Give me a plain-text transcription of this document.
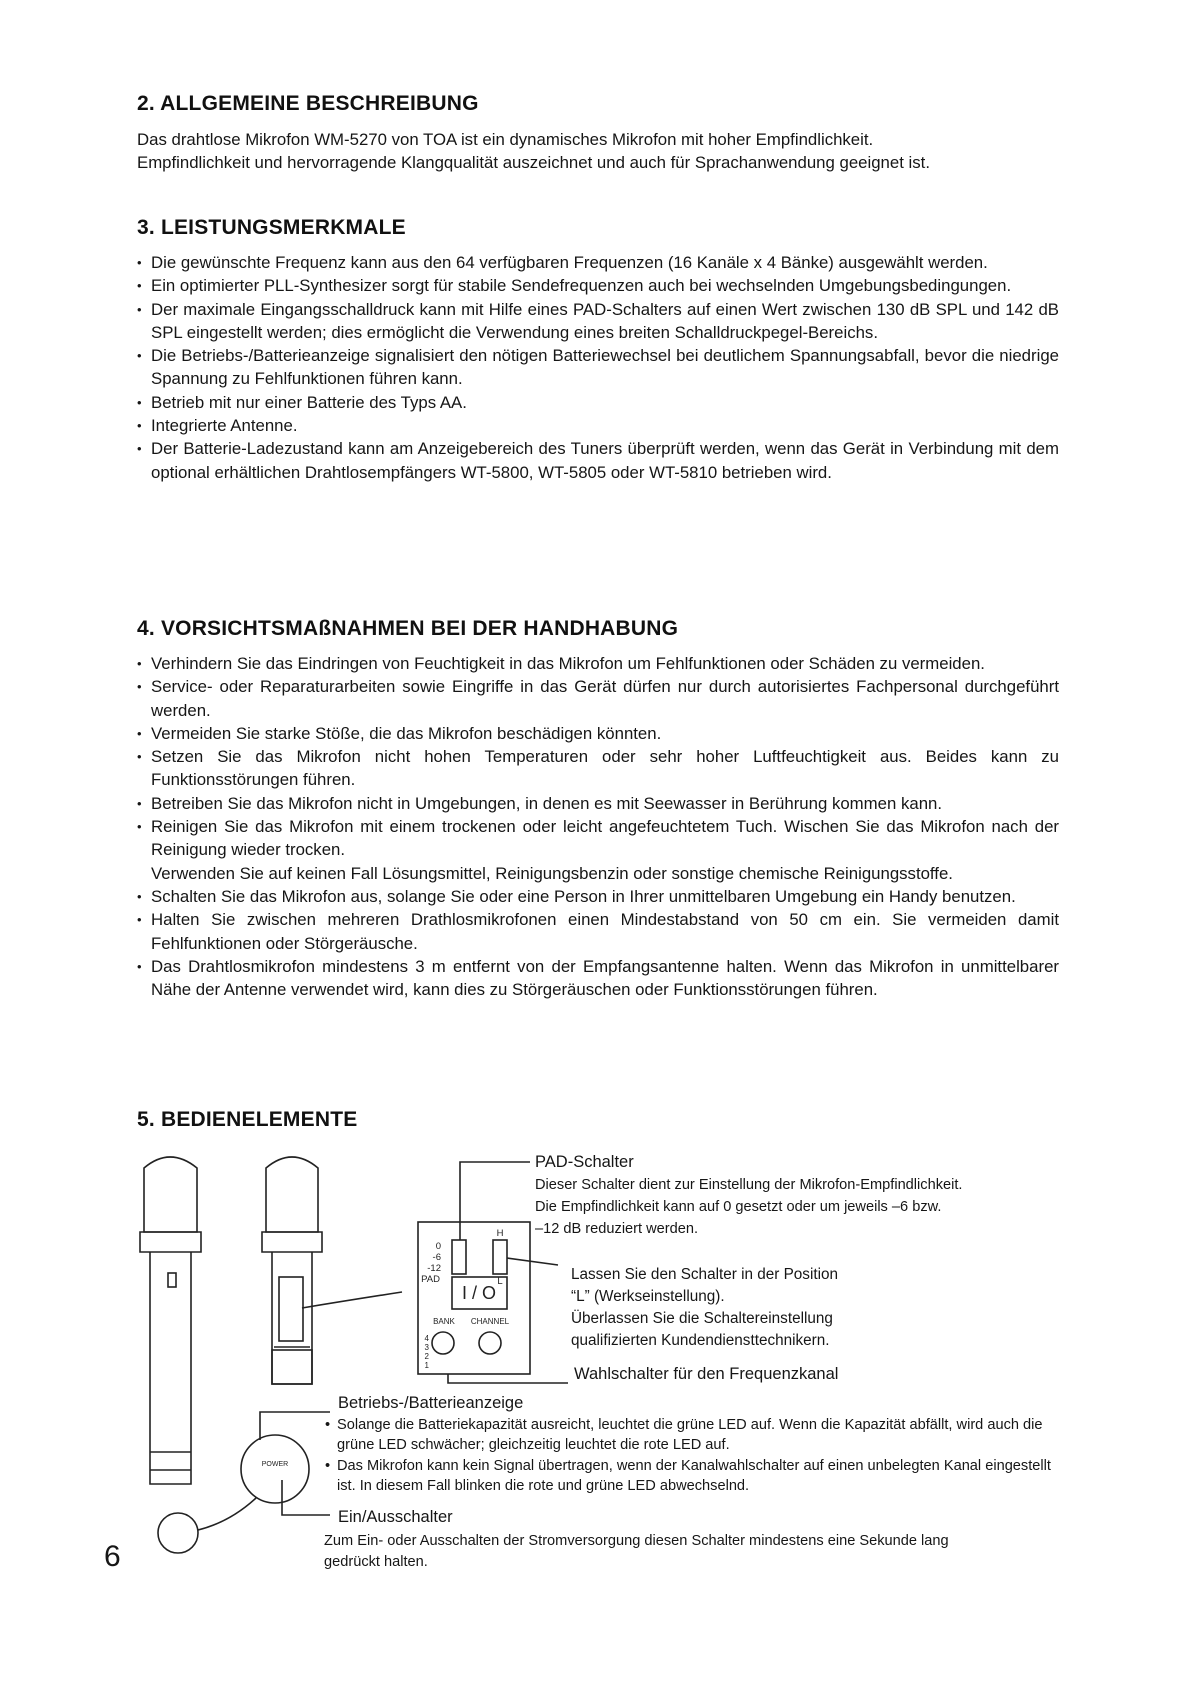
2. ALLGEMEINE BESCHREIBUNG

Das drahtlose Mikrofon WM-5270 von TOA ist ein dynamisches Mikrofon mit hoher Empfindlichkeit.

Empfindlichkeit und hervorragende Klangqualität auszeichnet und auch für Sprachanwendung geeignet ist.

3. LEISTUNGSMERKMALE
• Die gewünschte Frequenz kann aus den 64 verfügbaren Frequenzen (16 Kanäle x 4 Bänke) ausgewählt werden.
• Ein optimierter PLL-Synthesizer sorgt für stabile Sendefrequenzen auch bei wechselnden Umgebungsbedingungen.
• Der maximale Eingangsschalldruck kann mit Hilfe eines PAD-Schalters auf einen Wert zwischen 130 dB SPL und 142 dB SPL eingestellt werden; dies ermöglicht die Verwendung eines breiten Schalldruckpegel-Bereichs.
• Die Betriebs-/Batterieanzeige signalisiert den nötigen Batteriewechsel bei deutlichem Spannungsabfall, bevor die niedrige Spannung zu Fehlfunktionen führen kann.
• Betrieb mit nur einer Batterie des Typs AA.
• Integrierte Antenne.
• Der Batterie-Ladezustand kann am Anzeigebereich des Tuners überprüft werden, wenn das Gerät in Verbindung mit dem optional erhältlichen Drahtlosempfängers WT-5800, WT-5805 oder WT-5810 betrieben wird.
4. VORSICHTSMAßNAHMEN BEI DER HANDHABUNG
• Verhindern Sie das Eindringen von Feuchtigkeit in das Mikrofon um Fehlfunktionen oder Schäden zu vermeiden.
• Service- oder Reparaturarbeiten sowie Eingriffe in das Gerät dürfen nur durch autorisiertes Fachpersonal durchgeführt werden.
• Vermeiden Sie starke Stöße, die das Mikrofon beschädigen könnten.
• Setzen Sie das Mikrofon nicht hohen Temperaturen oder sehr hoher Luftfeuchtigkeit aus. Beides kann zu Funktionsstörungen führen.
• Betreiben Sie das Mikrofon nicht in Umgebungen, in denen es mit Seewasser in Berührung kommen kann.
• Reinigen Sie das Mikrofon mit einem trockenen oder leicht angefeuchtetem Tuch. Wischen Sie das Mikrofon nach der Reinigung wieder trocken.

Verwenden Sie auf keinen Fall Lösungsmittel, Reinigungsbenzin oder sonstige chemische Reinigungsstoffe.

• Schalten Sie das Mikrofon aus, solange Sie oder eine Person in Ihrer unmittelbaren Umgebung ein Handy benutzen.
• Halten Sie zwischen mehreren Drathlosmikrofonen einen Mindestabstand von 50 cm ein. Sie vermeiden damit Fehlfunktionen oder Störgeräusche.
• Das Drahtlosmikrofon mindestens 3 m entfernt von der Empfangsantenne halten. Wenn das Mikrofon in unmittelbarer Nähe der Antenne verwendet wird, kann dies zu Störgeräuschen oder Funktionsstörungen führen.
5. BEDIENELEMENTE
0
-6
-12
PAD
H
L
BANK CHANNEL
4
3
2
1
POWER
I / O

PAD-Schalter

Dieser Schalter dient zur Einstellung der Mikrofon-Empfindlichkeit.

Die Empfindlichkeit kann auf 0 gesetzt oder um jeweils –6 bzw.

–12 dB reduziert werden.

Lassen Sie den Schalter in der Position

“L” (Werkseinstellung).

Überlassen Sie die Schaltereinstellung

qualifizierten Kundendiensttechnikern.

Wahlschalter für den Frequenzkanal

Betriebs-/Batterieanzeige

• Solange die Batteriekapazität ausreicht, leuchtet die grüne LED auf. Wenn die Kapazität abfällt, wird auch die grüne LED schwächer; gleichzeitig leuchtet die rote LED auf.
• Das Mikrofon kann kein Signal übertragen, wenn der Kanalwahlschalter auf einen unbelegten Kanal eingestellt ist. In diesem Fall blinken die rote und grüne LED abwechselnd.

Ein/Ausschalter

Zum Ein- oder Ausschalten der Stromversorgung diesen Schalter mindestens eine Sekunde lang

gedrückt halten.

6
